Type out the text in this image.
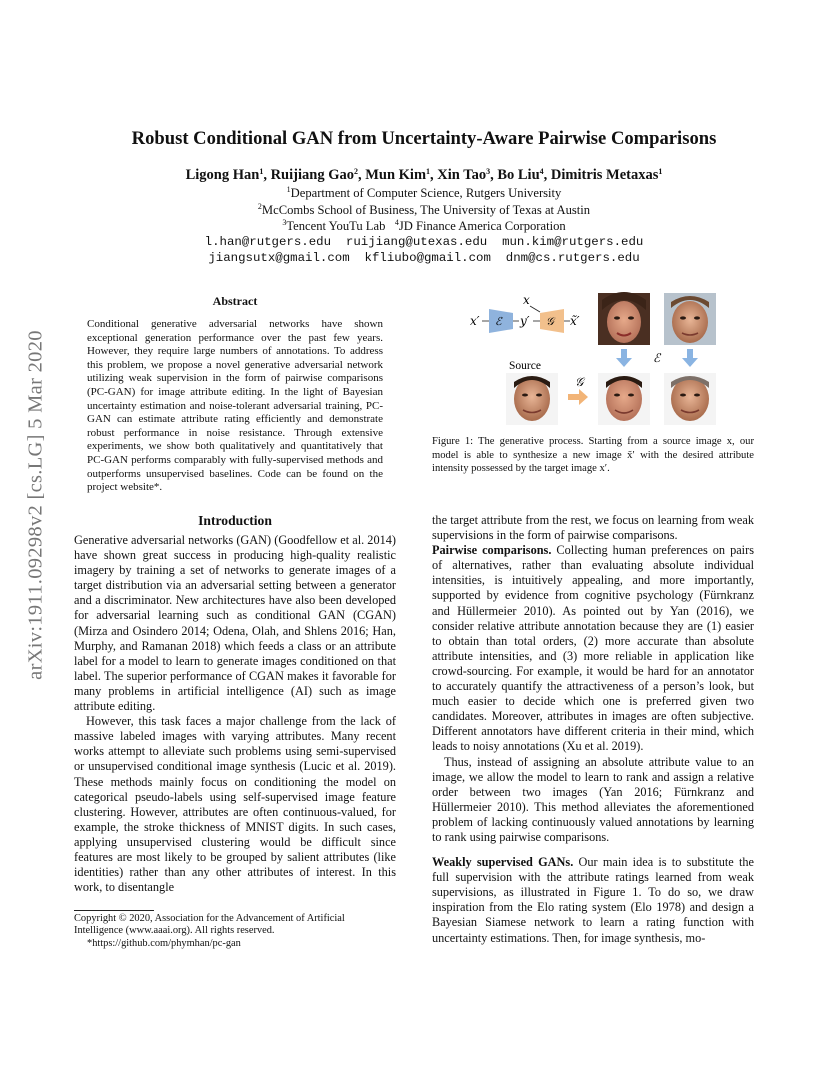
arXiv:1911.09298v2 [cs.LG] 5 Mar 2020
Robust Conditional GAN from Uncertainty-Aware Pairwise Comparisons
Ligong Han$^1$, Ruijiang Gao$^2$, Mun Kim$^1$, Xin Tao$^3$, Bo Liu$^4$, Dimitris Metaxas$^1$
$^1$Department of Computer Science, Rutgers University
$^2$McCombs School of Business, The University of Texas at Austin
$^3$Tencent YouTu Lab $^4$JD Finance America Corporation
l.han@rutgers.edu  ruijiang@utexas.edu  mun.kim@rutgers.edu
jiangsutx@gmail.com  kfliubo@gmail.com  dnm@cs.rutgers.edu
Abstract
Conditional generative adversarial networks have shown exceptional generation performance over the past few years. However, they require large numbers of annotations. To address this problem, we propose a novel generative adversarial network utilizing weak supervision in the form of pairwise comparisons (PC-GAN) for image attribute editing. In the light of Bayesian uncertainty estimation and noise-tolerant adversarial training, PC-GAN can estimate attribute rating efficiently and demonstrate robust performance in noise resistance. Through extensive experiments, we show both qualitatively and quantitatively that PC-GAN performs comparably with fully-supervised methods and outperforms unsupervised baselines. Code can be found on the project website*.
Introduction

Generative adversarial networks (GAN) (Goodfellow et al. 2014) have shown great success in producing high-quality realistic imagery by training a set of networks to generate images of a target distribution via an adversarial setting between a generator and a discriminator. New architectures have also been developed for adversarial learning such as conditional GAN (CGAN) (Mirza and Osindero 2014; Odena, Olah, and Shlens 2016; Han, Murphy, and Ramanan 2018) which feeds a class or an attribute label for a model to learn to generate images conditioned on that label. The superior performance of CGAN makes it favorable for many problems in artificial intelligence (AI) such as image attribute editing.

However, this task faces a major challenge from the lack of massive labeled images with varying attributes. Many recent works attempt to alleviate such problems using semi-supervised or unsupervised conditional image synthesis (Lucic et al. 2019). These methods mainly focus on conditioning the model on categorical pseudo-labels using self-supervised image feature clustering. However, attributes are often continuous-valued, for example, the stroke thickness of MNIST digits. In such cases, applying unsupervised clustering would be difficult since features are most likely to be grouped by salient attributes (like identities) rather than any other attributes of interest. In this work, to disentangle

Copyright © 2020, Association for the Advancement of Artificial Intelligence (www.aaai.org). All rights reserved.
*https://github.com/phymhan/pc-gan
x
x′ ℰ y′ 𝒢 x̃′
ℰ
Source
𝒢
Figure 1: The generative process. Starting from a source image x, our model is able to synthesize a new image x̃′ with the desired attribute intensity possessed by the target image x′.

the target attribute from the rest, we focus on learning from weak supervisions in the form of pairwise comparisons.

Pairwise comparisons. Collecting human preferences on pairs of alternatives, rather than evaluating absolute individual intensities, is intuitively appealing, and more importantly, supported by evidence from cognitive psychology (Fürnkranz and Hüllermeier 2010). As pointed out by Yan (2016), we consider relative attribute annotation because they are (1) easier to obtain than total orders, (2) more accurate than absolute attribute intensities, and (3) more reliable in application like crowd-sourcing. For example, it would be hard for an annotator to accurately quantify the attractiveness of a person’s look, but much easier to decide which one is preferred given two candidates. Moreover, attributes in images are often subjective. Different annotators have different criteria in their mind, which leads to noisy annotations (Xu et al. 2019).

Thus, instead of assigning an absolute attribute value to an image, we allow the model to learn to rank and assign a relative order between two images (Yan 2016; Fürnkranz and Hüllermeier 2010). This method alleviates the aforementioned problem of lacking continuously valued annotations by learning to rank using pairwise comparisons.

Weakly supervised GANs. Our main idea is to substitute the full supervision with the attribute ratings learned from weak supervisions, as illustrated in Figure 1. To do so, we draw inspiration from the Elo rating system (Elo 1978) and design a Bayesian Siamese network to learn a rating function with uncertainty estimations. Then, for image synthesis, mo-
